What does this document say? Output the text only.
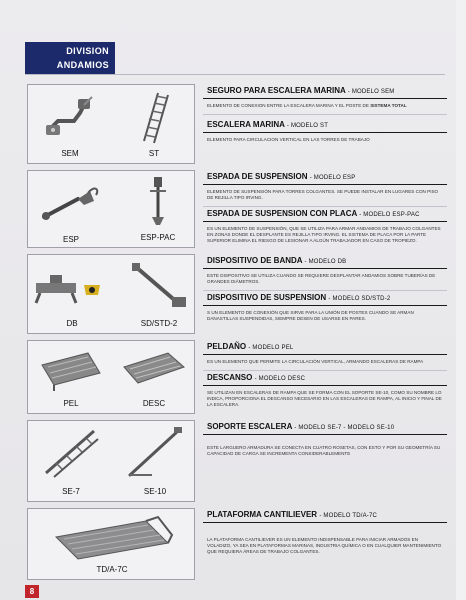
DIVISION
ANDAMIOS
SEM	ST
SEGURO PARA ESCALERA MARINA - MODELO SEM
ELEMENTO DE CONEXION ENTRE LA ESCALERA MARINA Y EL POSTE DE SISTEMA TOTAL
ESCALERA MARINA - MODELO ST
ELEMENTO PARA CIRCULACION VERTICAL EN LAS TORRES DE TRABAJO
ESP	ESP-PAC
ESPADA DE SUSPENSION - MODELO ESP
ELEMENTO DE SUSPENSIÓN PARA TORRES COLGANTES. SE PUEDE INSTALAR EN LUGARES CON PISO DE REJILLA TIPO IRVING.
ESPADA DE SUSPENSION CON PLACA - MODELO ESP-PAC
ES UN ELEMENTO DE SUSPENSIÓN, QUE SE UTILIZA PARA ARMAR ANDAMIOS DE TRABAJO COLGANTES EN ZONAS DONDE EL DESPLANTE ES REJILLA TIPO IRVING. EL SISTEMA DE PLACA POR LA PARTE SUPERIOR ELIMINA EL RIESGO DE LESIONAR A ALGÚN TRABAJADOR EN CASO DE TROPIEZO.
DB	SD/STD-2
DISPOSITIVO DE BANDA - MODELO DB
ESTE DISPOSITIVO SE UTILIZA CUANDO SE REQUIERE DESPLANTAR ANDAMIOS SOBRE TUBERÍAS DE GRANDES DIÁMETROS.
DISPOSITIVO DE SUSPENSION - MODELO SD/STD-2
S UN ELEMENTO DE CONEXIÓN QUE SIRVE PARA LA UNIÓN DE POSTES CUANDO SE ARMAN DANASTILLAS SUSPENDIDAS, SIEMPRE DESEN DE USARSE EN PARES.
PEL	DESC
PELDAÑO - MODELO PEL
ES UN ELEMENTO QUE PERMITE LA CIRCULACIÓN VERTICAL, ARMANDO ESCALERAS DE RAMPA
DESCANSO - MODELO DESC
SE UTILIZAN EN ESCALERAS DE RAMPA QUE SE FORMA CON EL SOPORTE SE-10, COMO SU NOMBRE LO INDICA, PROPORCIONA EL DESCANSO NECESARIO EN LAS ESCALERAS DE RAMPA, AL INICIO Y FINAL DE LA ESCALERA.
SE-7	SE-10
SOPORTE ESCALERA - MODELO SE-7 - MODELO SE-10
ESTE LARGUERO ARMADURA SE CONECTA EN CUATRO ROSETAS, CON ESTO Y POR SU GEOMETRÍA SU CAPACIDAD DE CARGA SE INCREMENTA CONSIDERABLEMENTE
TD/A-7C
PLATAFORMA CANTILIEVER - MODELO TD/A-7C
LA PLATAFORMA CANTILIEVER ES UN ELEMENTO INDISPENSABLE PARA INICIAR ARMADOS EN VOLADIZO, YA SEA EN PLATAFORMAS MARINAS, INDUSTRIA QUÍMICA O EN CUALQUIER MANTENIMIENTO QUE REQUIERA ÁREAS DE TRABAJO COLGANTES.
8
